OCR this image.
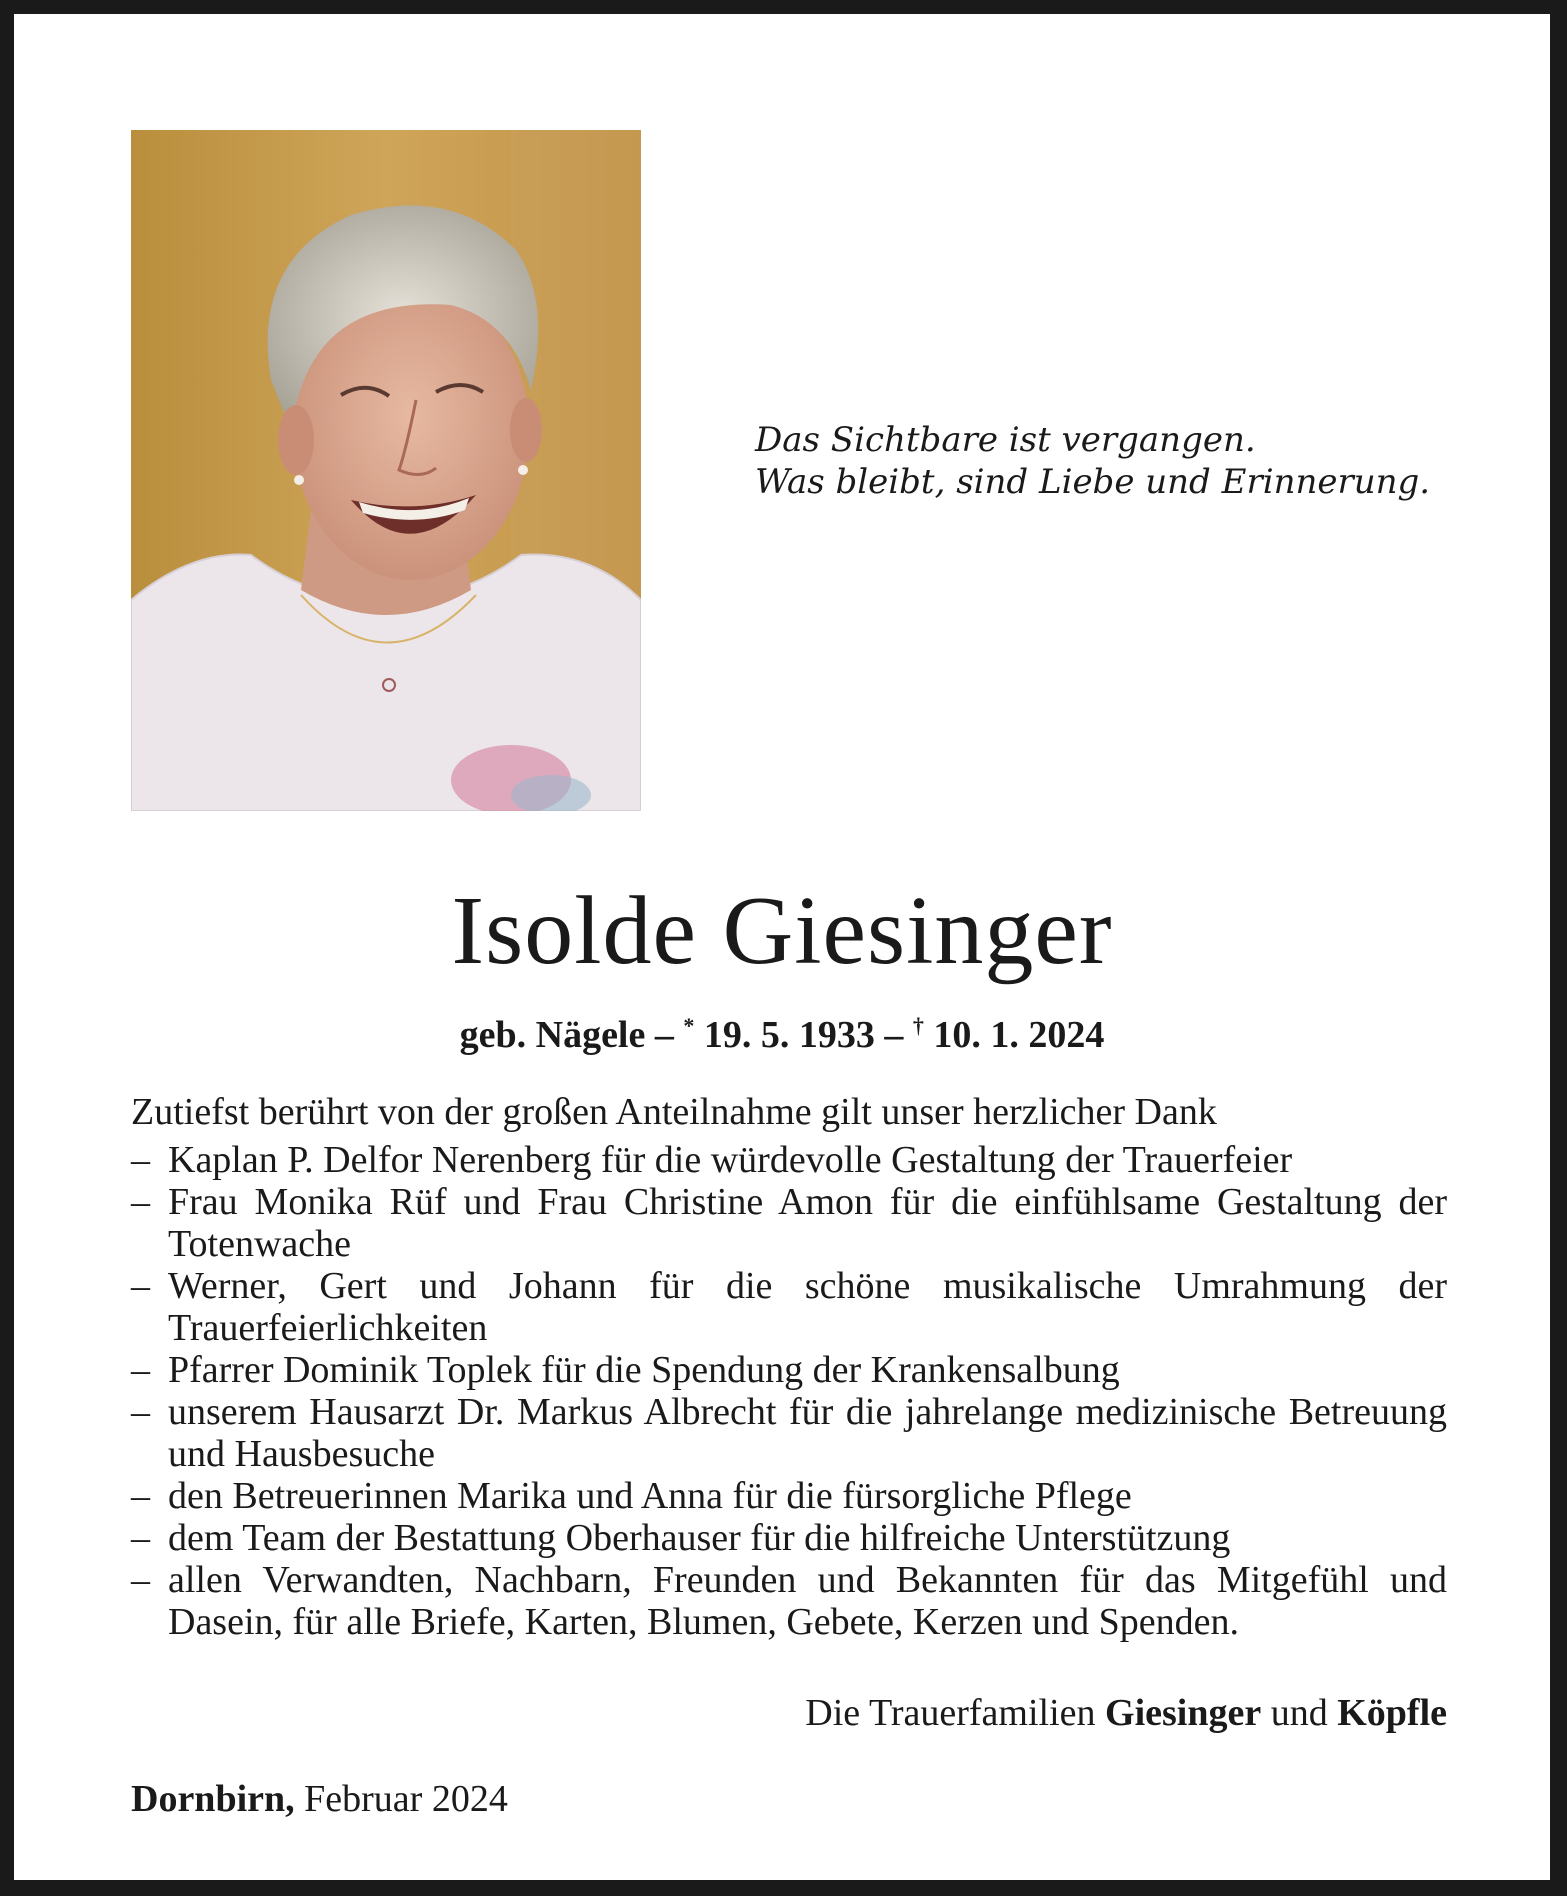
Das Sichtbare ist vergangen.
Was bleibt, sind Liebe und Erinnerung.
Isolde Giesinger
geb. Nägele – * 19. 5. 1933 – † 10. 1. 2024

Zutiefst berührt von der großen Anteilnahme gilt unser herzlicher Dank

– Kaplan P. Delfor Nerenberg für die würdevolle Gestaltung der Trauerfeier
– Frau Monika Rüf und Frau Christine Amon für die einfühlsame Gestaltung der Totenwache
– Werner, Gert und Johann für die schöne musikalische Umrahmung der Trauerfeierlichkeiten
– Pfarrer Dominik Toplek für die Spendung der Krankensalbung
– unserem Hausarzt Dr. Markus Albrecht für die jahrelange medizinische Betreuung und Hausbesuche
– den Betreuerinnen Marika und Anna für die fürsorgliche Pflege
– dem Team der Bestattung Oberhauser für die hilfreiche Unterstützung
– allen Verwandten, Nachbarn, Freunden und Bekannten für das Mitgefühl und Dasein, für alle Briefe, Karten, Blumen, Gebete, Kerzen und Spenden.
Die Trauerfamilien Giesinger und Köpfle
Dornbirn, Februar 2024
